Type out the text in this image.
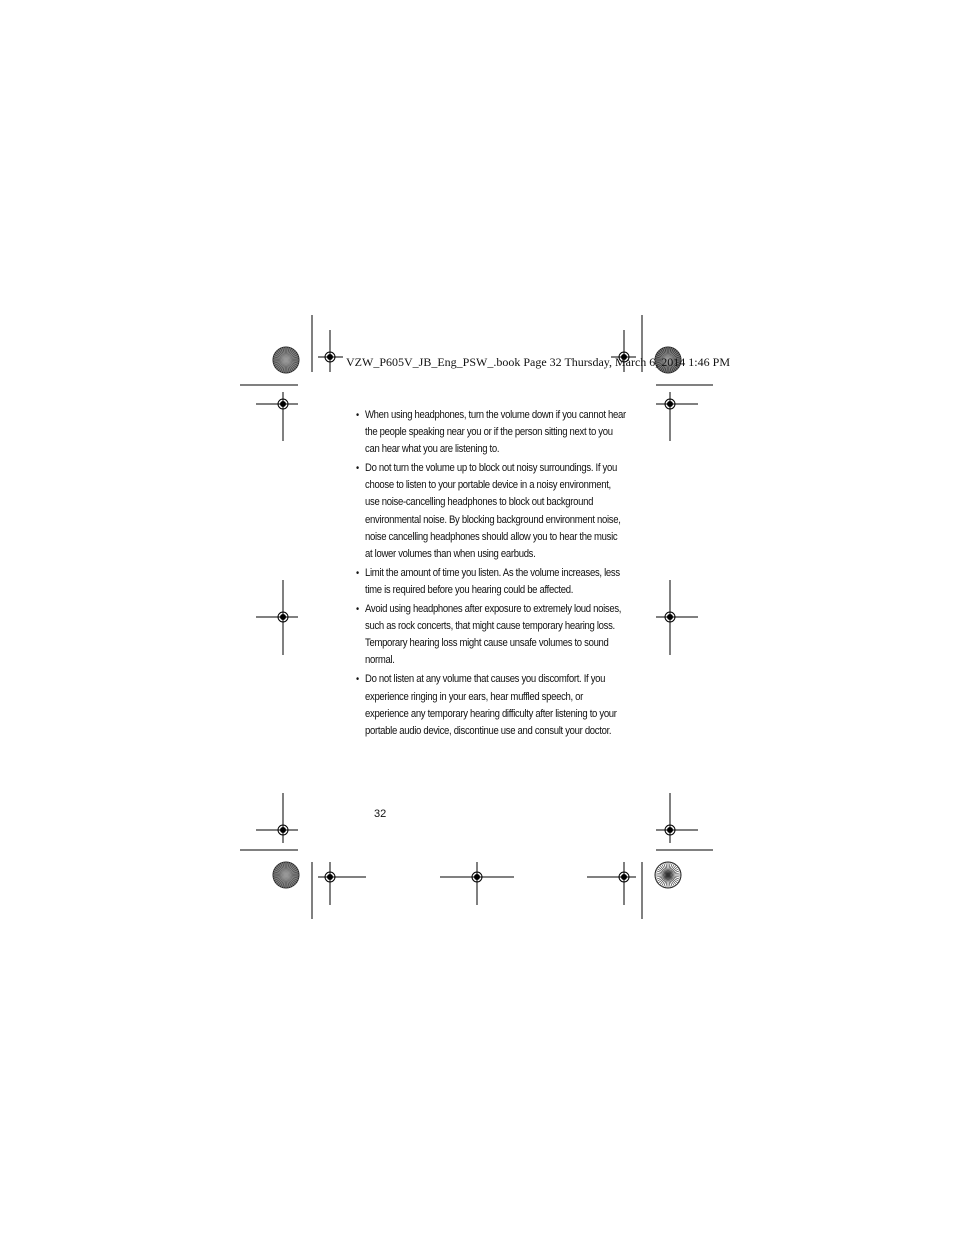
VZW_P605V_JB_Eng_PSW_.book Page 32 Thursday, March 6, 2014 1:46 PM
• When using headphones, turn the volume down if you cannot hear the people speaking near you or if the person sitting next to you can hear what you are listening to.
• Do not turn the volume up to block out noisy surroundings. If you choose to listen to your portable device in a noisy environment, use noise-cancelling headphones to block out background environmental noise. By blocking background environment noise, noise cancelling headphones should allow you to hear the music at lower volumes than when using earbuds.
• Limit the amount of time you listen. As the volume increases, less time is required before you hearing could be affected.
• Avoid using headphones after exposure to extremely loud noises, such as rock concerts, that might cause temporary hearing loss. Temporary hearing loss might cause unsafe volumes to sound normal.
• Do not listen at any volume that causes you discomfort. If you experience ringing in your ears, hear muffled speech, or experience any temporary hearing difficulty after listening to your portable audio device, discontinue use and consult your doctor.
32
